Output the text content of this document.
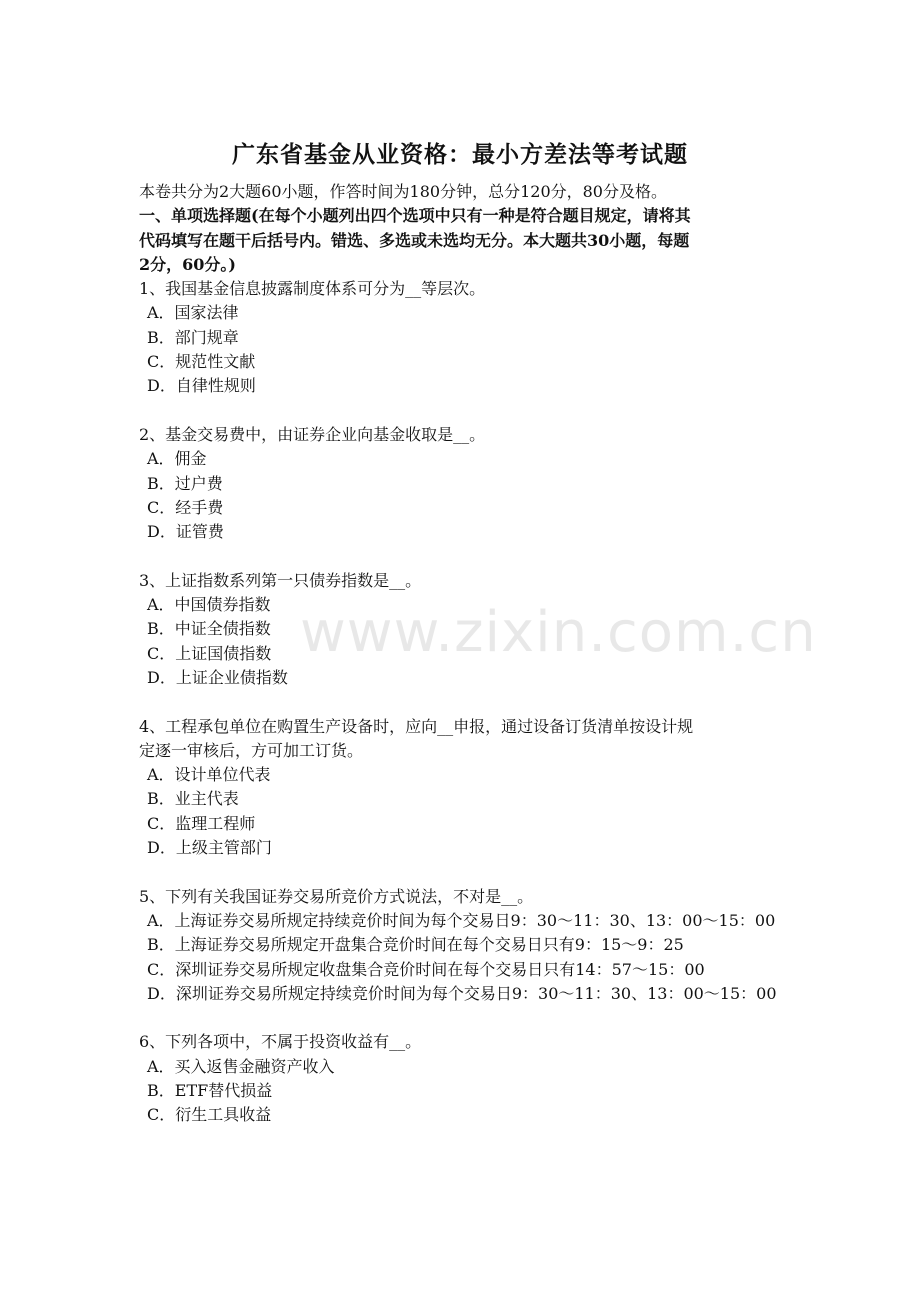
广东省基金从业资格：最小方差法等考试题
本卷共分为2大题60小题，作答时间为180分钟，总分120分，80分及格。
一、单项选择题(在每个小题列出四个选项中只有一种是符合题目规定，请将其
代码填写在题干后括号内。错选、多选或未选均无分。本大题共30小题，每题
2分，60分。)
1、我国基金信息披露制度体系可分为__等层次。
A．国家法律
B．部门规章
C．规范性文献
D．自律性规则
2、基金交易费中，由证券企业向基金收取是__。
A．佣金
B．过户费
C．经手费
D．证管费
3、上证指数系列第一只债券指数是__。
A．中国债券指数
B．中证全债指数
C．上证国债指数
D．上证企业债指数
4、工程承包单位在购置生产设备时，应向__申报，通过设备订货清单按设计规
定逐一审核后，方可加工订货。
A．设计单位代表
B．业主代表
C．监理工程师
D．上级主管部门
5、下列有关我国证券交易所竞价方式说法，不对是__。
A．上海证券交易所规定持续竞价时间为每个交易日9：30～11：30、13：00～15：00
B．上海证券交易所规定开盘集合竞价时间在每个交易日只有9：15～9：25
C．深圳证券交易所规定收盘集合竞价时间在每个交易日只有14：57～15：00
D．深圳证券交易所规定持续竞价时间为每个交易日9：30～11：30、13：00～15：00
6、下列各项中，不属于投资收益有__。
A．买入返售金融资产收入
B．ETF替代损益
C．衍生工具收益
www.zixin.com.cn
